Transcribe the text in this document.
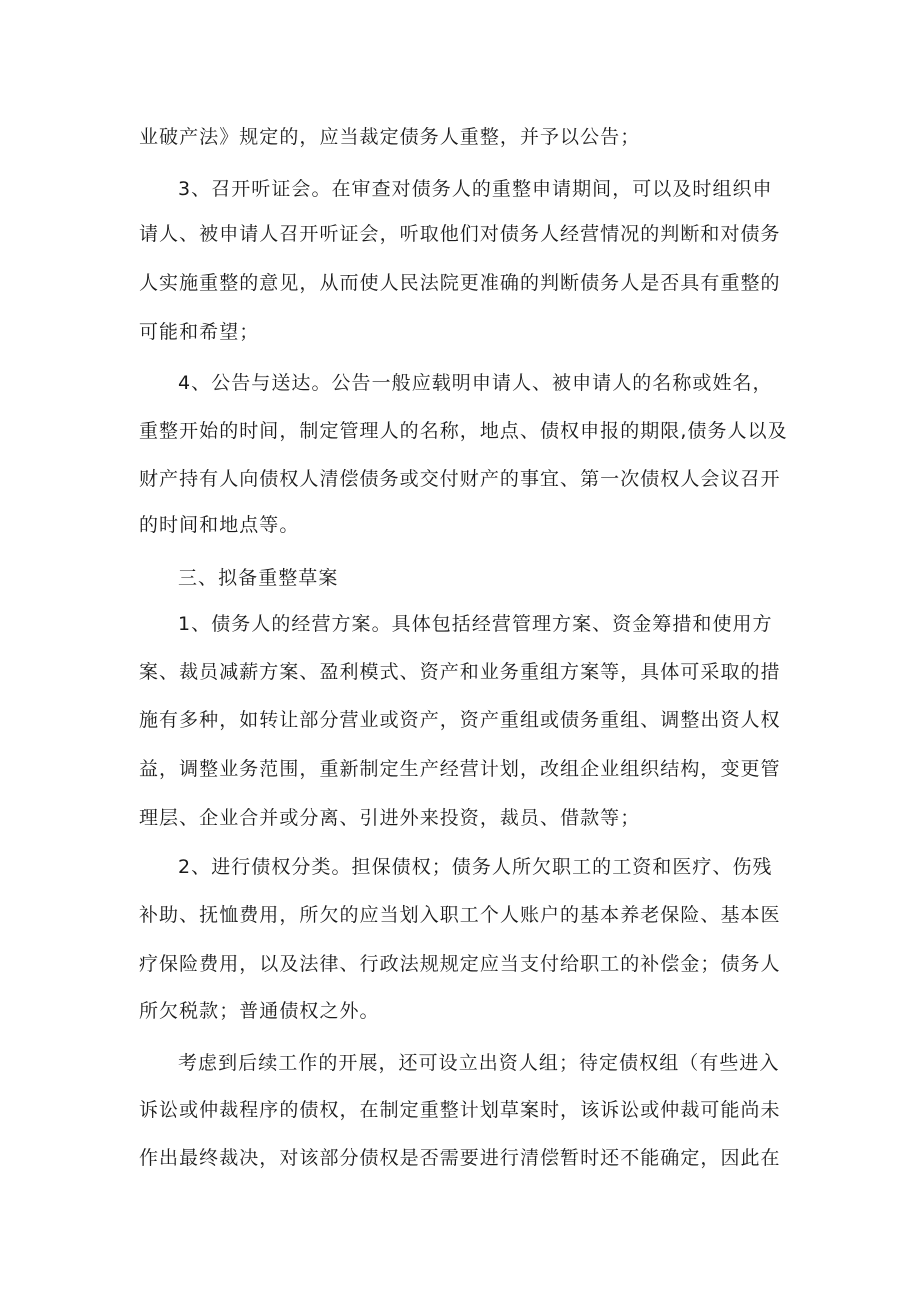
业破产法》规定的，应当裁定债务人重整，并予以公告；
3、召开听证会。在审查对债务人的重整申请期间，可以及时组织申
请人、被申请人召开听证会，听取他们对债务人经营情况的判断和对债务
人实施重整的意见，从而使人民法院更准确的判断债务人是否具有重整的
可能和希望；
4、公告与送达。公告一般应载明申请人、被申请人的名称或姓名，
重整开始的时间，制定管理人的名称，地点、债权申报的期限,债务人以及
财产持有人向债权人清偿债务或交付财产的事宜、第一次债权人会议召开
的时间和地点等。
三、拟备重整草案
1、债务人的经营方案。具体包括经营管理方案、资金筹措和使用方
案、裁员减薪方案、盈利模式、资产和业务重组方案等，具体可采取的措
施有多种，如转让部分营业或资产，资产重组或债务重组、调整出资人权
益，调整业务范围，重新制定生产经营计划，改组企业组织结构，变更管
理层、企业合并或分离、引进外来投资，裁员、借款等；
2、进行债权分类。担保债权；债务人所欠职工的工资和医疗、伤残
补助、抚恤费用，所欠的应当划入职工个人账户的基本养老保险、基本医
疗保险费用，以及法律、行政法规规定应当支付给职工的补偿金；债务人
所欠税款；普通债权之外。
考虑到后续工作的开展，还可设立出资人组；待定债权组（有些进入
诉讼或仲裁程序的债权，在制定重整计划草案时，该诉讼或仲裁可能尚未
作出最终裁决，对该部分债权是否需要进行清偿暂时还不能确定，因此在
